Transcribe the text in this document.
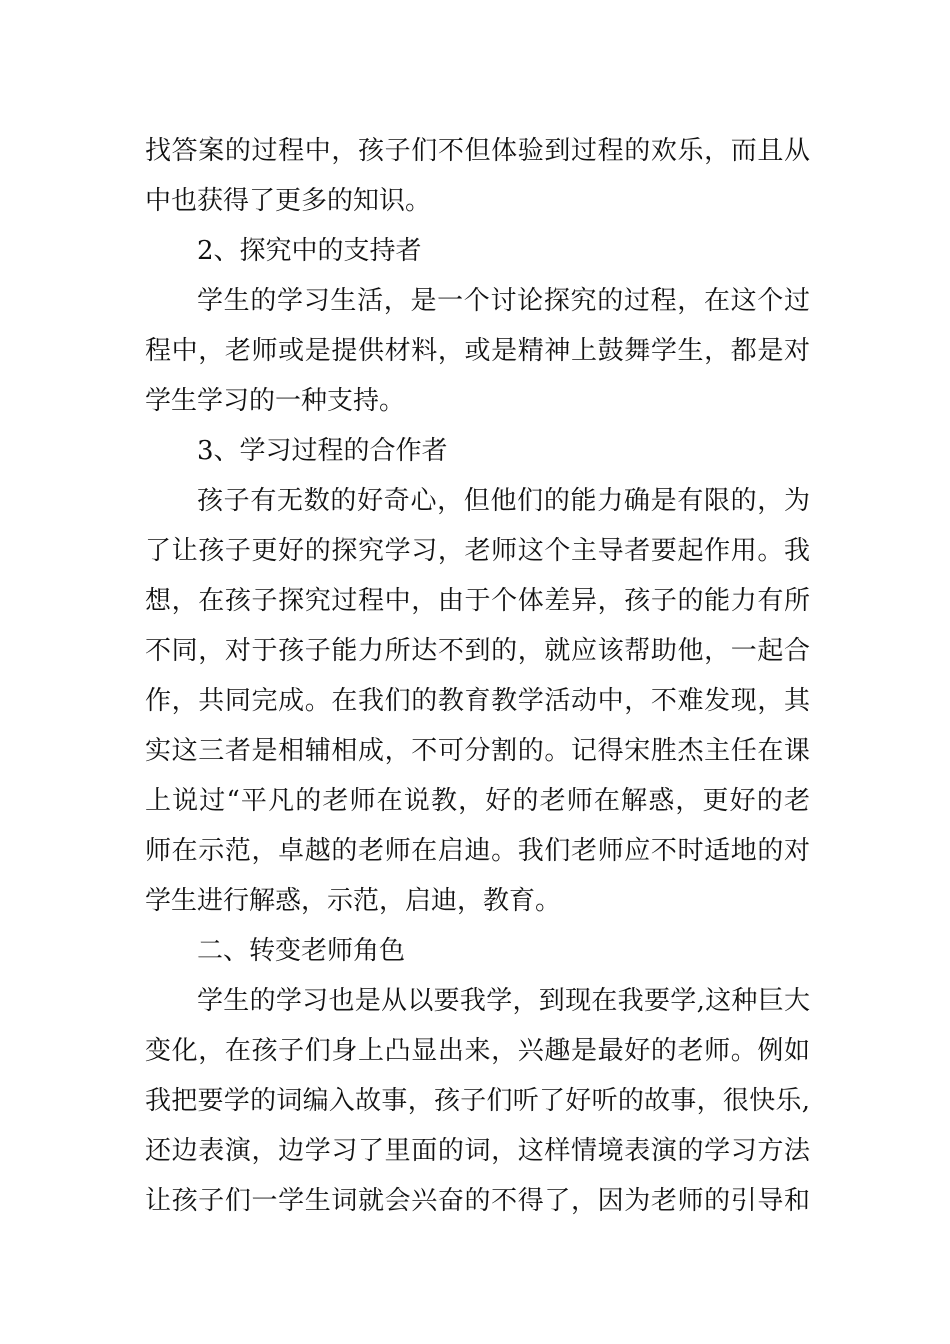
找答案的过程中，孩子们不但体验到过程的欢乐，而且从
中也获得了更多的知识。
2、探究中的支持者
学生的学习生活，是一个讨论探究的过程，在这个过
程中，老师或是提供材料，或是精神上鼓舞学生，都是对
学生学习的一种支持。
3、学习过程的合作者
孩子有无数的好奇心，但他们的能力确是有限的，为
了让孩子更好的探究学习，老师这个主导者要起作用。我
想，在孩子探究过程中，由于个体差异，孩子的能力有所
不同，对于孩子能力所达不到的，就应该帮助他，一起合
作，共同完成。在我们的教育教学活动中，不难发现，其
实这三者是相辅相成，不可分割的。记得宋胜杰主任在课
上说过“平凡的老师在说教，好的老师在解惑，更好的老
师在示范，卓越的老师在启迪。我们老师应不时适地的对
学生进行解惑，示范，启迪，教育。
二、转变老师角色
学生的学习也是从以要我学，到现在我要学,这种巨大
变化，在孩子们身上凸显出来，兴趣是最好的老师。例如
我把要学的词编入故事，孩子们听了好听的故事，很快乐,
还边表演，边学习了里面的词，这样情境表演的学习方法
让孩子们一学生词就会兴奋的不得了，因为老师的引导和
